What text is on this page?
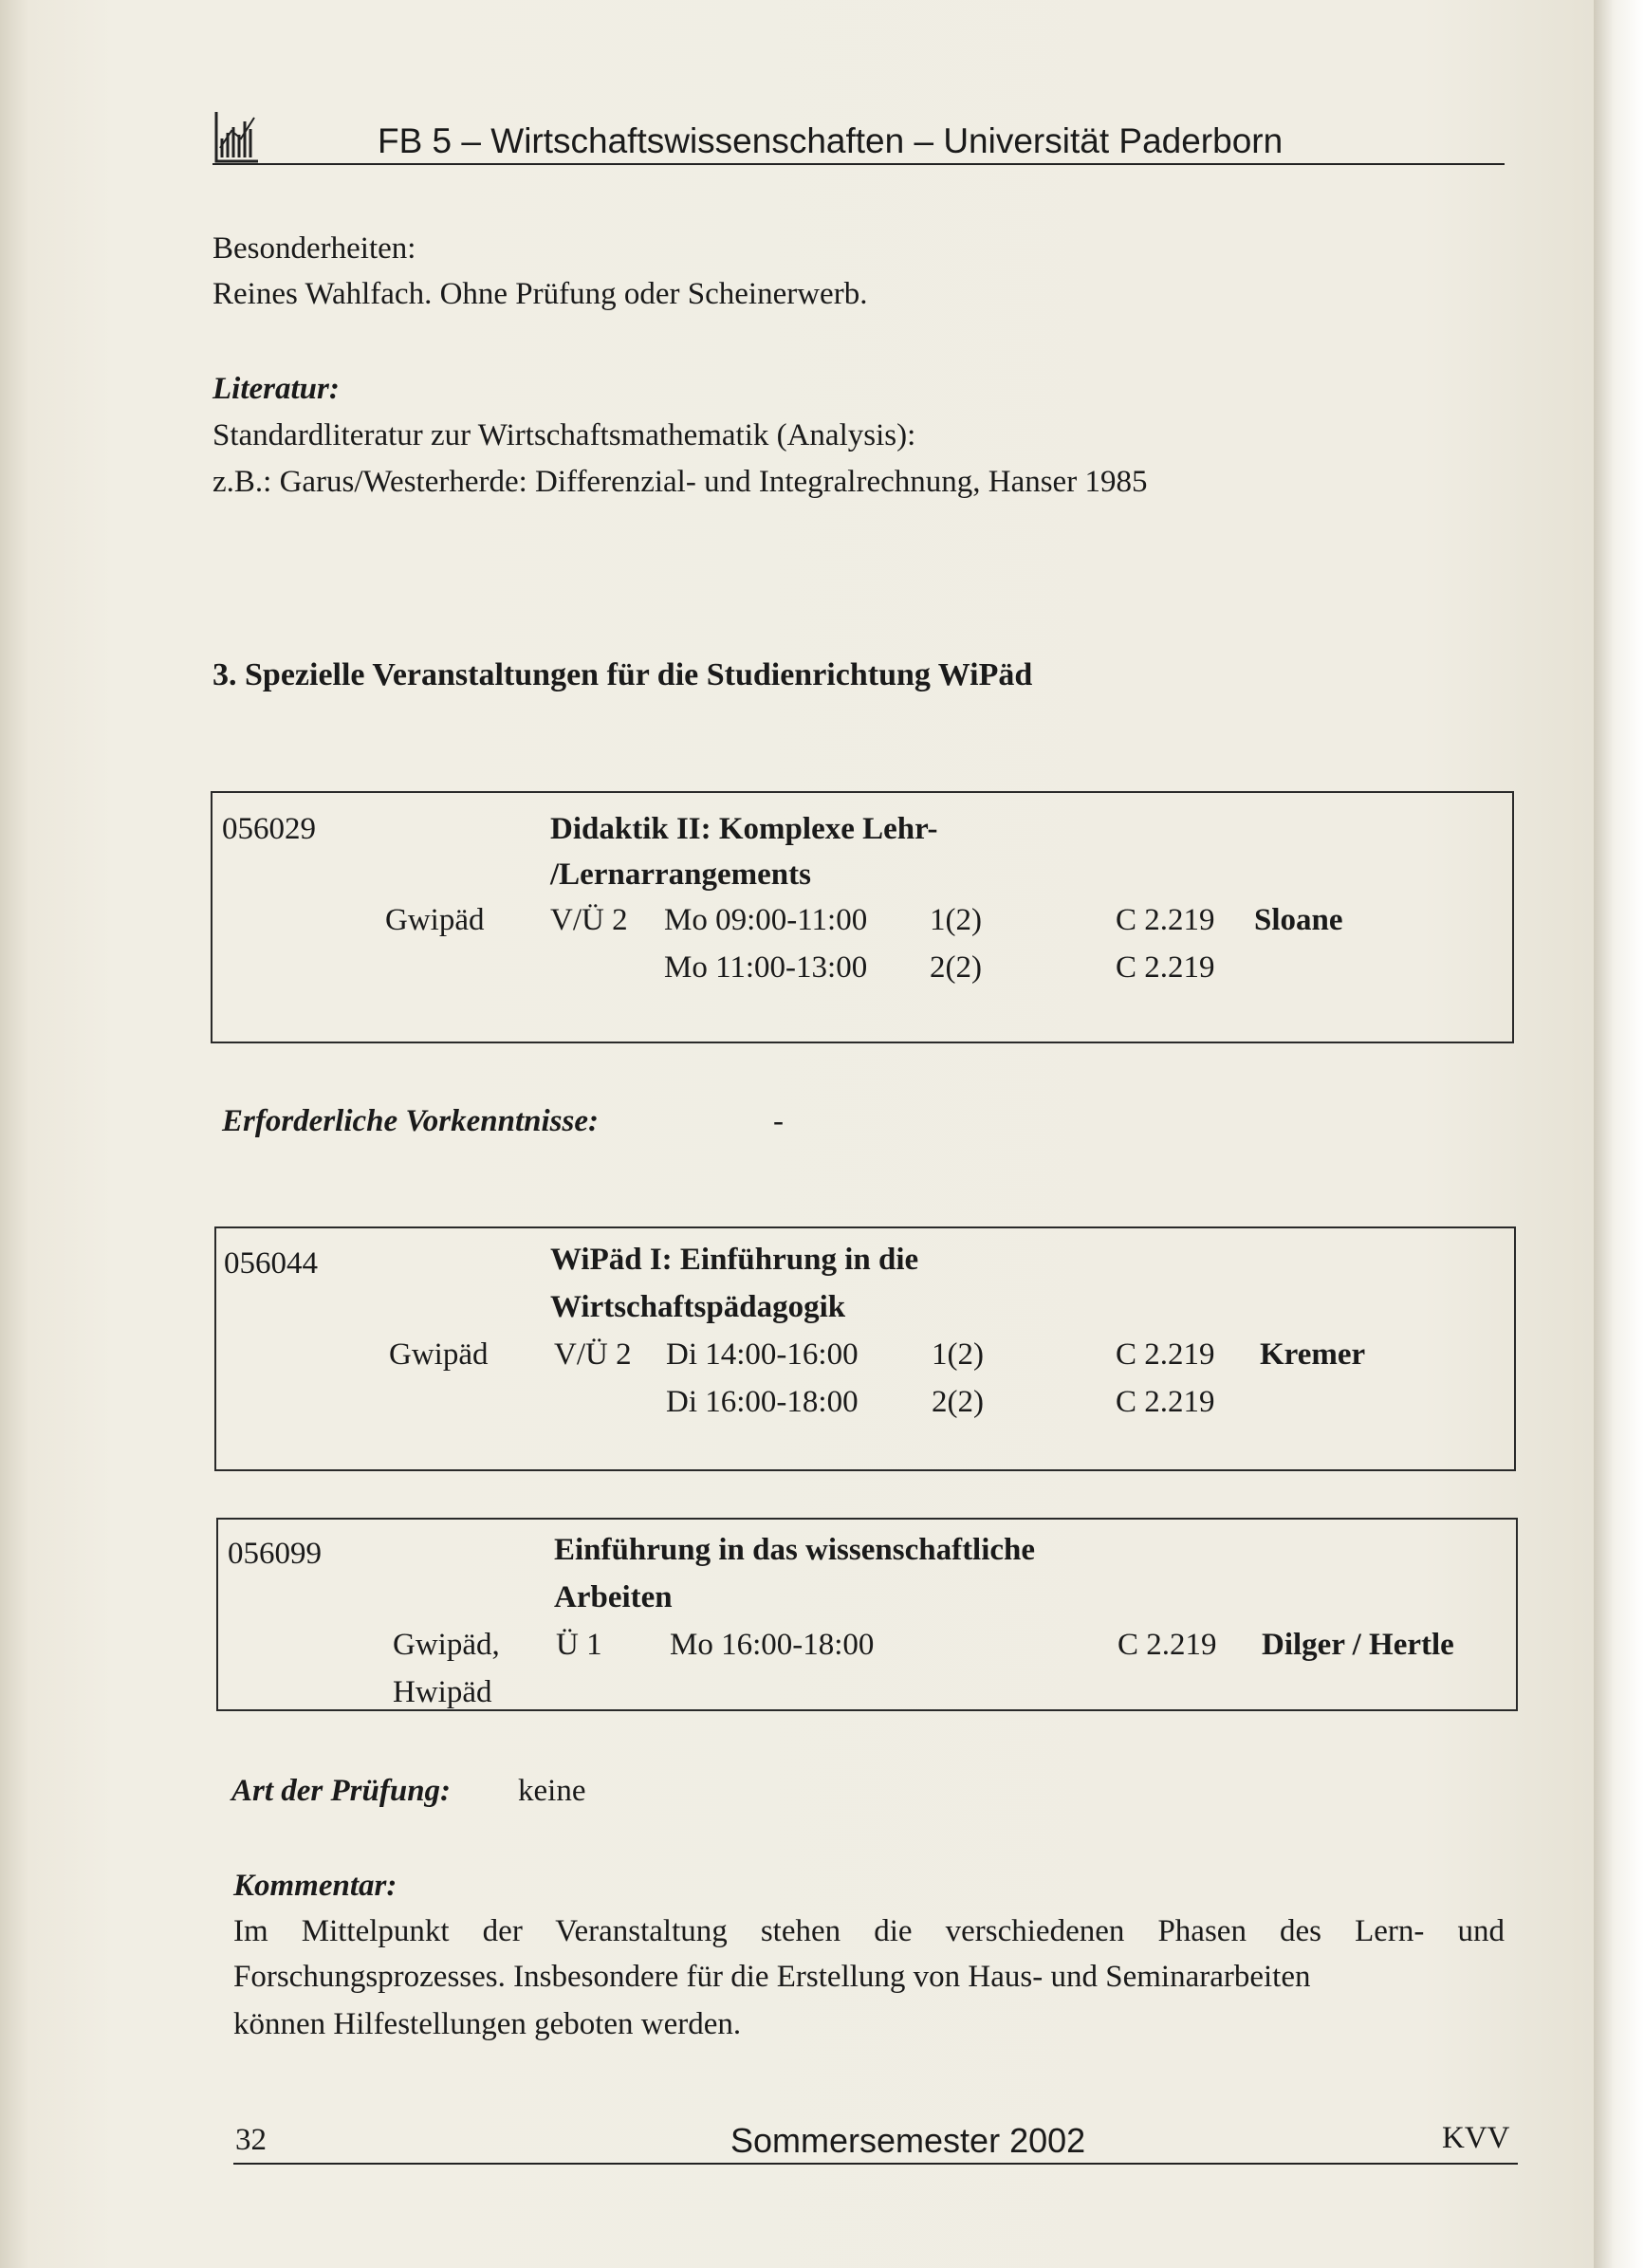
FB 5 – Wirtschaftswissenschaften – Universität Paderborn
Besonderheiten:
Reines Wahlfach. Ohne Prüfung oder Scheinerwerb.
Literatur:
Standardliteratur zur Wirtschaftsmathematik (Analysis):
z.B.: Garus/Westerherde: Differenzial- und Integralrechnung, Hanser 1985
3. Spezielle Veranstaltungen für die Studienrichtung WiPäd
056029	Didaktik II: Komplexe Lehr-
/Lernarrangements
Gwipäd V/Ü 2 Mo 09:00-11:00 1(2)	C 2.219 Sloane
Mo 11:00-13:00 2(2)	C 2.219
Erforderliche Vorkenntnisse:	-
056044	WiPäd I: Einführung in die
Wirtschaftspädagogik
Gwipäd V/Ü 2 Di 14:00-16:00 1(2)	C 2.219 Kremer
Di 16:00-18:00 2(2)	C 2.219
056099	Einführung in das wissenschaftliche
Arbeiten
Gwipäd,
Hwipäd
Ü 1 Mo 16:00-18:00	C 2.219 Dilger / Hertle
Art der Prüfung: keine
Kommentar:
Im Mittelpunkt der Veranstaltung stehen die verschiedenen Phasen des Lern- und
Forschungsprozesses. Insbesondere für die Erstellung von Haus- und Seminararbeiten
können Hilfestellungen geboten werden.
32	Sommersemester 2002	KVV
